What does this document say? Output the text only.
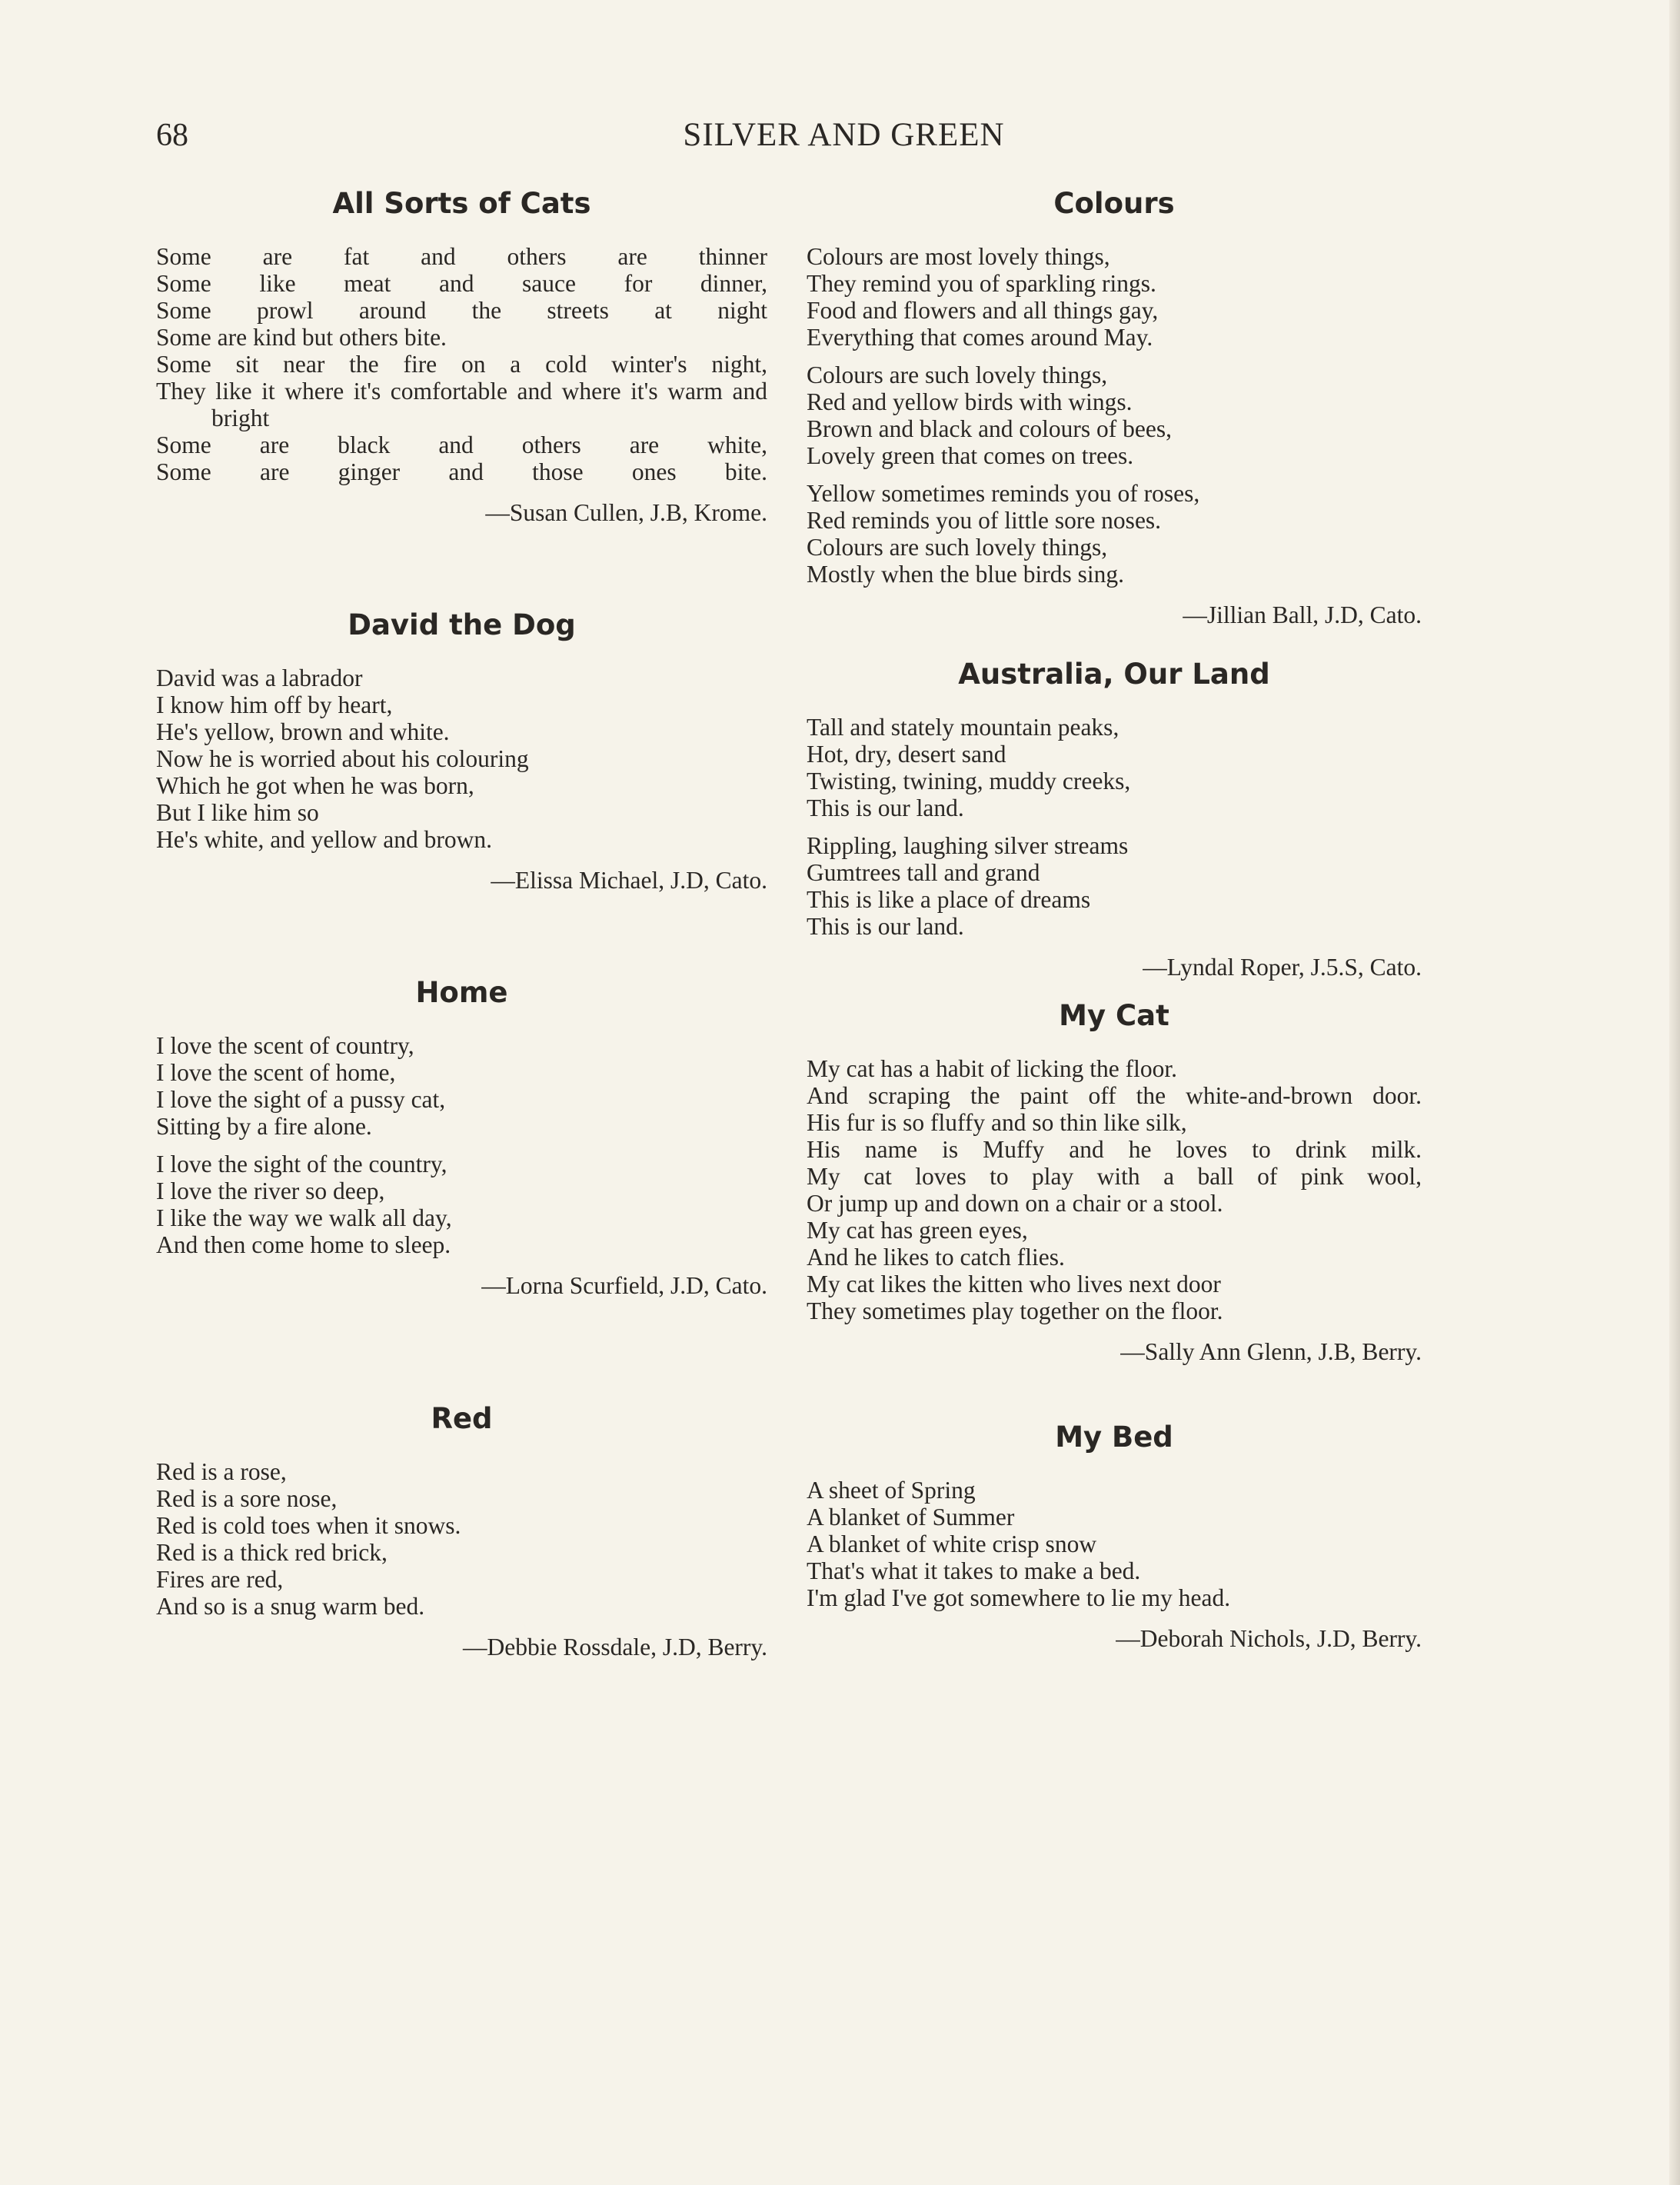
68	SILVER AND GREEN
All Sorts of Cats
Some are fat and others are thinner
Some like meat and sauce for dinner,
Some prowl around the streets at night
Some are kind but others bite.
Some sit near the fire on a cold winter's night,
They like it where it's comfortable and where it's warm and bright
Some are black and others are white,
Some are ginger and those ones bite.
—Susan Cullen, J.B, Krome.
David the Dog
David was a labrador
I know him off by heart,
He's yellow, brown and white.
Now he is worried about his colouring
Which he got when he was born,
But I like him so
He's white, and yellow and brown.
—Elissa Michael, J.D, Cato.
Home
I love the scent of country,
I love the scent of home,
I love the sight of a pussy cat,
Sitting by a fire alone.
I love the sight of the country,
I love the river so deep,
I like the way we walk all day,
And then come home to sleep.
—Lorna Scurfield, J.D, Cato.
Red
Red is a rose,
Red is a sore nose,
Red is cold toes when it snows.
Red is a thick red brick,
Fires are red,
And so is a snug warm bed.
—Debbie Rossdale, J.D, Berry.
Colours
Colours are most lovely things,
They remind you of sparkling rings.
Food and flowers and all things gay,
Everything that comes around May.
Colours are such lovely things,
Red and yellow birds with wings.
Brown and black and colours of bees,
Lovely green that comes on trees.
Yellow sometimes reminds you of roses,
Red reminds you of little sore noses.
Colours are such lovely things,
Mostly when the blue birds sing.
—Jillian Ball, J.D, Cato.
Australia, Our Land
Tall and stately mountain peaks,
Hot, dry, desert sand
Twisting, twining, muddy creeks,
This is our land.
Rippling, laughing silver streams
Gumtrees tall and grand
This is like a place of dreams
This is our land.
—Lyndal Roper, J.5.S, Cato.
My Cat
My cat has a habit of licking the floor.
And scraping the paint off the white-and-brown door.
His fur is so fluffy and so thin like silk,
His name is Muffy and he loves to drink milk.
My cat loves to play with a ball of pink wool,
Or jump up and down on a chair or a stool.
My cat has green eyes,
And he likes to catch flies.
My cat likes the kitten who lives next door
They sometimes play together on the floor.
—Sally Ann Glenn, J.B, Berry.
My Bed
A sheet of Spring
A blanket of Summer
A blanket of white crisp snow
That's what it takes to make a bed.
I'm glad I've got somewhere to lie my head.
—Deborah Nichols, J.D, Berry.
